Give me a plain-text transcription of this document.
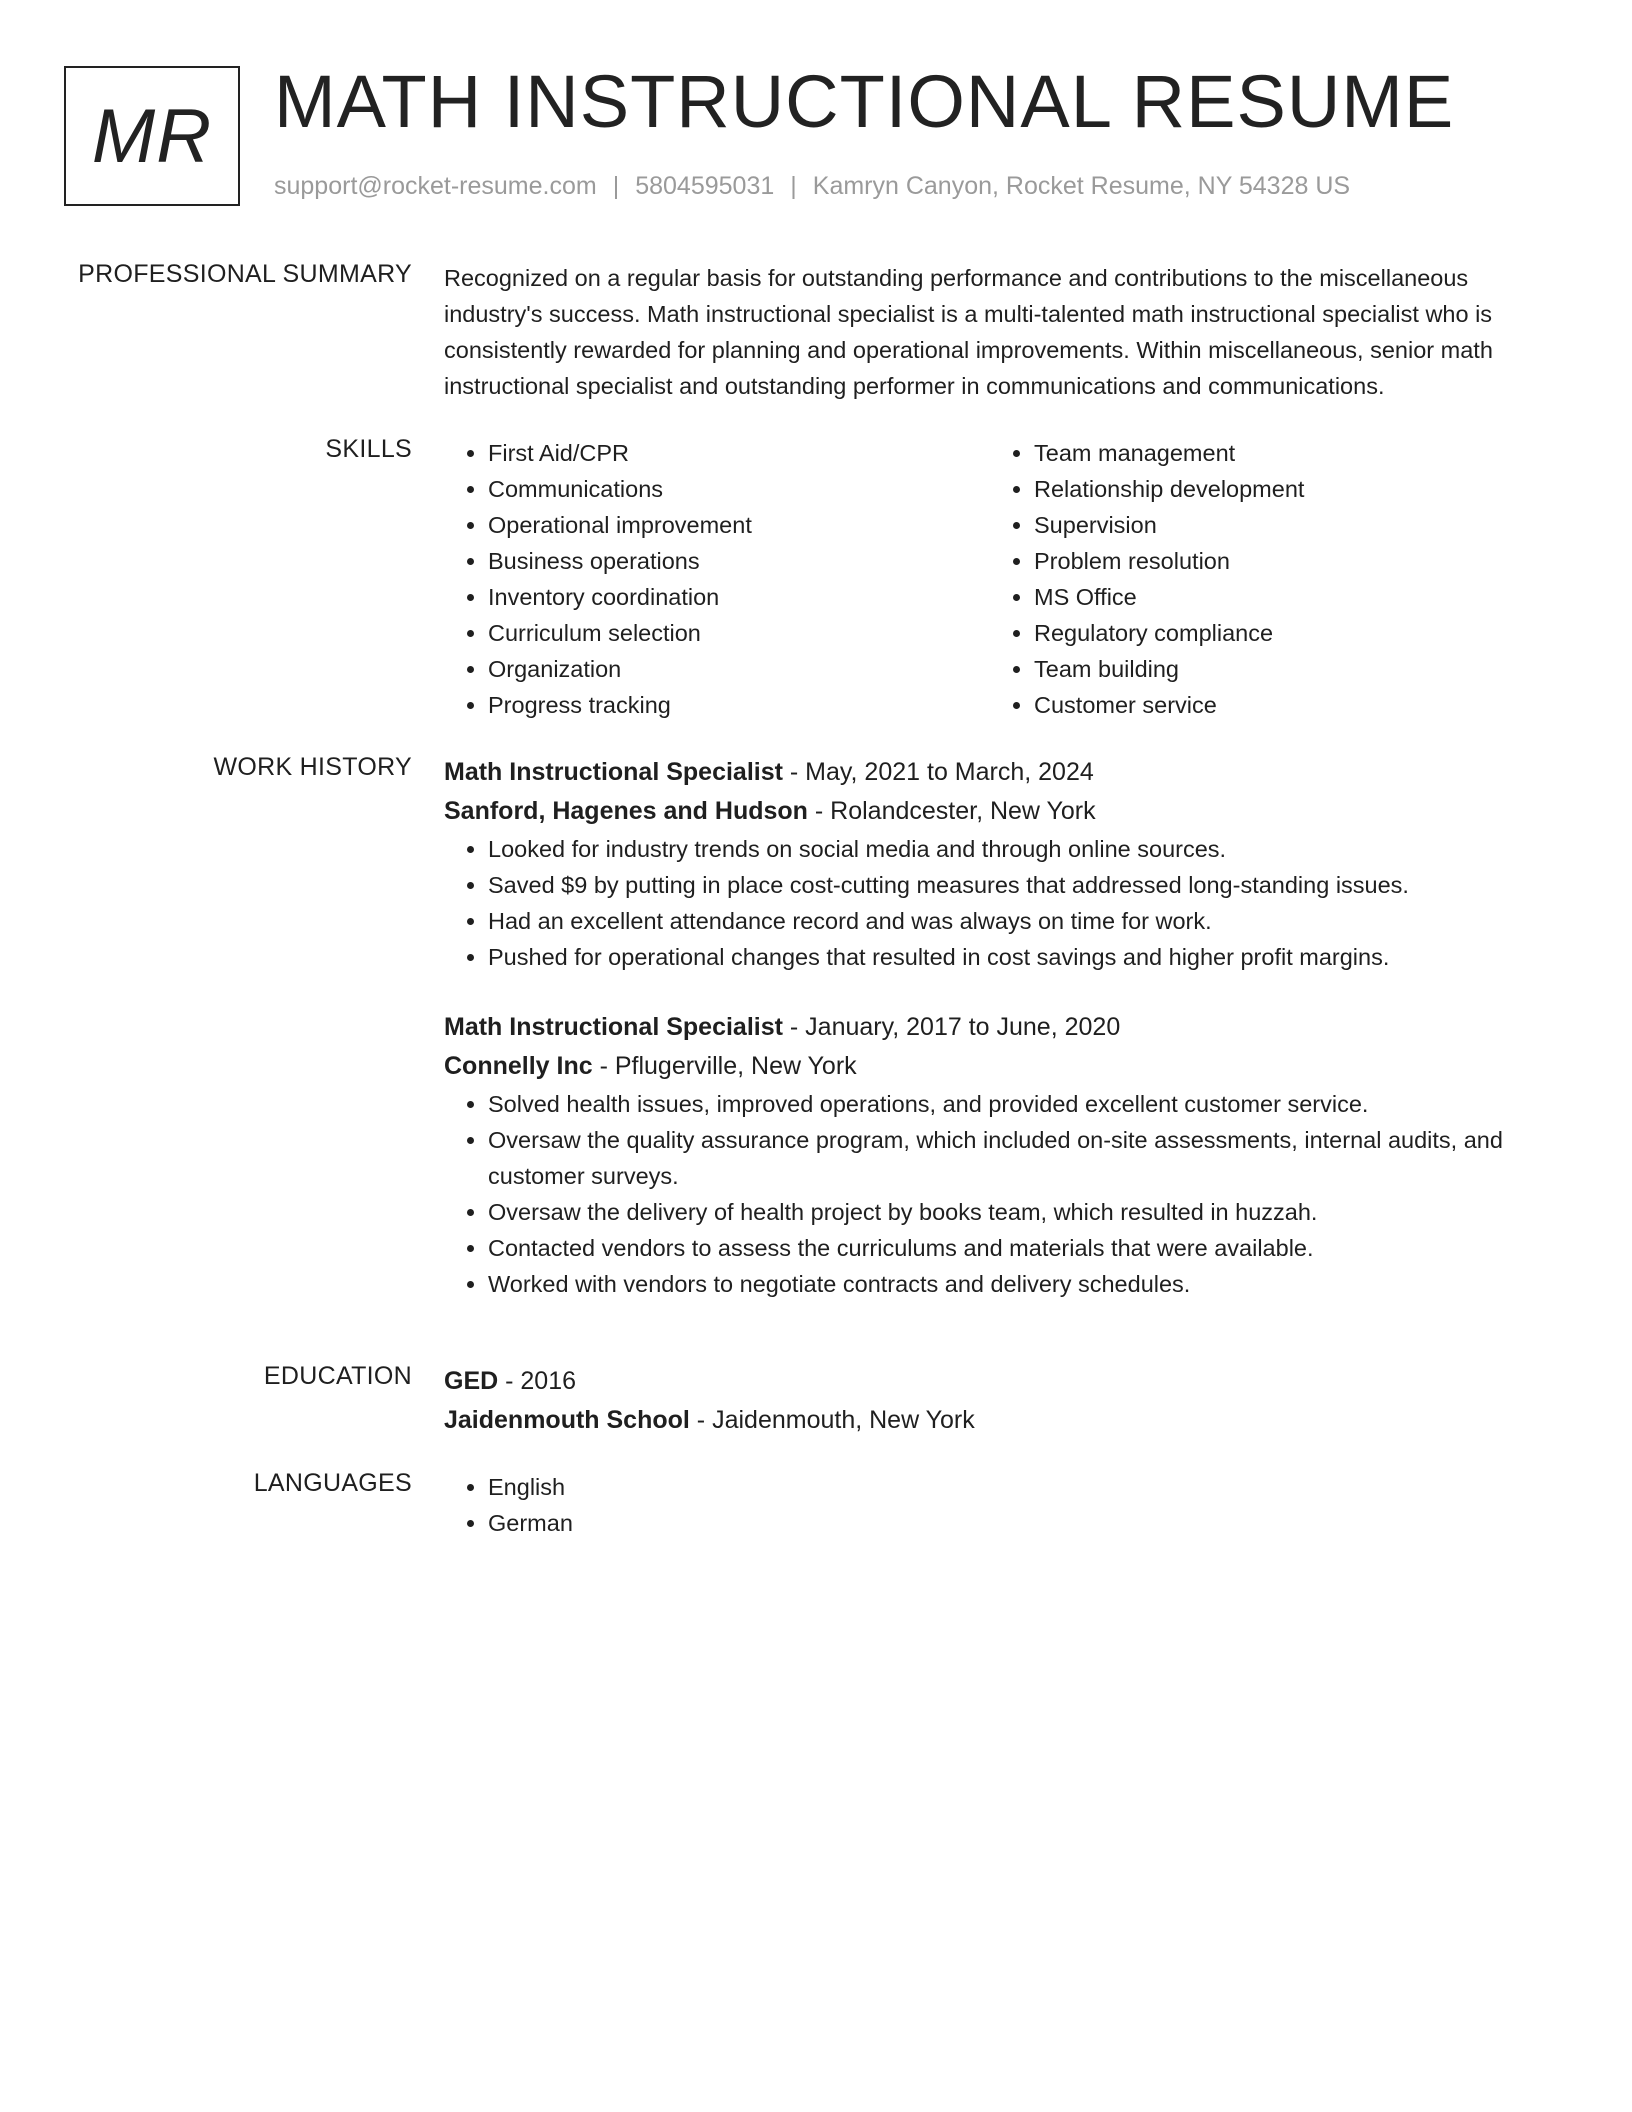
MR MATH INSTRUCTIONAL RESUME
support@rocket-resume.com | 5804595031 | Kamryn Canyon, Rocket Resume, NY 54328 US
PROFESSIONAL SUMMARY Recognized on a regular basis for outstanding performance and contributions to the miscellaneous industry's success. Math instructional specialist is a multi-talented math instructional specialist who is consistently rewarded for planning and operational improvements. Within miscellaneous, senior math instructional specialist and outstanding performer in communications and communications.

SKILLS	• First Aid/CPR
• Communications
• Operational improvement
• Business operations
• Inventory coordination
• Curriculum selection
• Organization
• Progress tracking
• Team management
• Relationship development
• Supervision
• Problem resolution
• MS Office
• Regulatory compliance
• Team building
• Customer service
WORK HISTORY Math Instructional Specialist - May, 2021 to March, 2024
Sanford, Hagenes and Hudson - Rolandcester, New York
• Looked for industry trends on social media and through online sources.
• Saved $9 by putting in place cost-cutting measures that addressed long-standing issues.
• Had an excellent attendance record and was always on time for work.
• Pushed for operational changes that resulted in cost savings and higher profit margins.
Math Instructional Specialist - January, 2017 to June, 2020
Connelly Inc - Pflugerville, New York
• Solved health issues, improved operations, and provided excellent customer service.
• Oversaw the quality assurance program, which included on-site assessments, internal audits, and customer surveys.
• Oversaw the delivery of health project by books team, which resulted in huzzah.
• Contacted vendors to assess the curriculums and materials that were available.
• Worked with vendors to negotiate contracts and delivery schedules.
EDUCATION GED - 2016
Jaidenmouth School - Jaidenmouth, New York
LANGUAGES	• English
• German
